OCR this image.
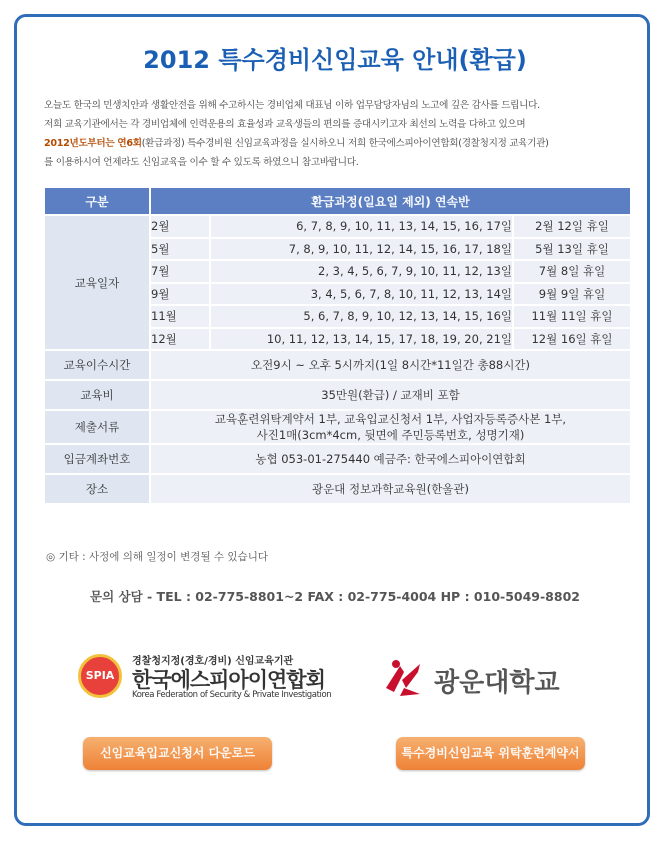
2012 특수경비신임교육 안내(환급)
오늘도 한국의 민생치안과 생활안전을 위해 수고하시는 경비업체 대표님 이하 업무담당자님의 노고에 깊은 감사를 드립니다.
저희 교육기관에서는 각 경비업체에 인력운용의 효율성과 교육생들의 편의를 증대시키고자 최선의 노력을 다하고 있으며
2012년도부터는 연6회(환급과정) 특수경비원 신임교육과정을 실시하오니 저희 한국에스피아이연합회(경찰청지정 교육기관)
를 이용하시여 언제라도 신임교육을 이수 할 수 있도록 하였으니 참고바랍니다.
구분	환급과정(일요일 제외) 연속반		
교육일자	2월	6, 7, 8, 9, 10, 11, 13, 14, 15, 16, 17일	2월 12일 휴일
	5월	7, 8, 9, 10, 11, 12, 14, 15, 16, 17, 18일	5월 13일 휴일
	7월	2, 3, 4, 5, 6, 7, 9, 10, 11, 12, 13일	7월 8일 휴일
	9월	3, 4, 5, 6, 7, 8, 10, 11, 12, 13, 14일	9월 9일 휴일
	11월	5, 6, 7, 8, 9, 10, 12, 13, 14, 15, 16일	11월 11일 휴일
	12월	10, 11, 12, 13, 14, 15, 17, 18, 19, 20, 21일	12월 16일 휴일
교육이수시간	오전9시 ~ 오후 5시까지(1일 8시간*11일간 총88시간)		
교육비	35만원(환급) / 교재비 포함		
제출서류	교육훈련위탁계약서 1부, 교육입교신청서 1부, 사업자등록증사본 1부,
사진1매(3cm*4cm, 뒷면에 주민등록번호, 성명기재)		

입금계좌번호	농협 053-01-275440 예금주: 한국에스피아이연합회		
장소	광운대 정보과학교육원(한울관)		
◎ 기타 : 사정에 의해 일정이 변경될 수 있습니다
문의 상담 - TEL : 02-775-8801~2 FAX : 02-775-4004 HP : 010-5049-8802
SPIA
경찰청지정(경호/경비) 신임교육기관
한국에스피아이연합회
Korea Federation of Security & Private Investigation	광운대학교
신임교육입교신청서 다운로드	특수경비신임교육 위탁훈련계약서
